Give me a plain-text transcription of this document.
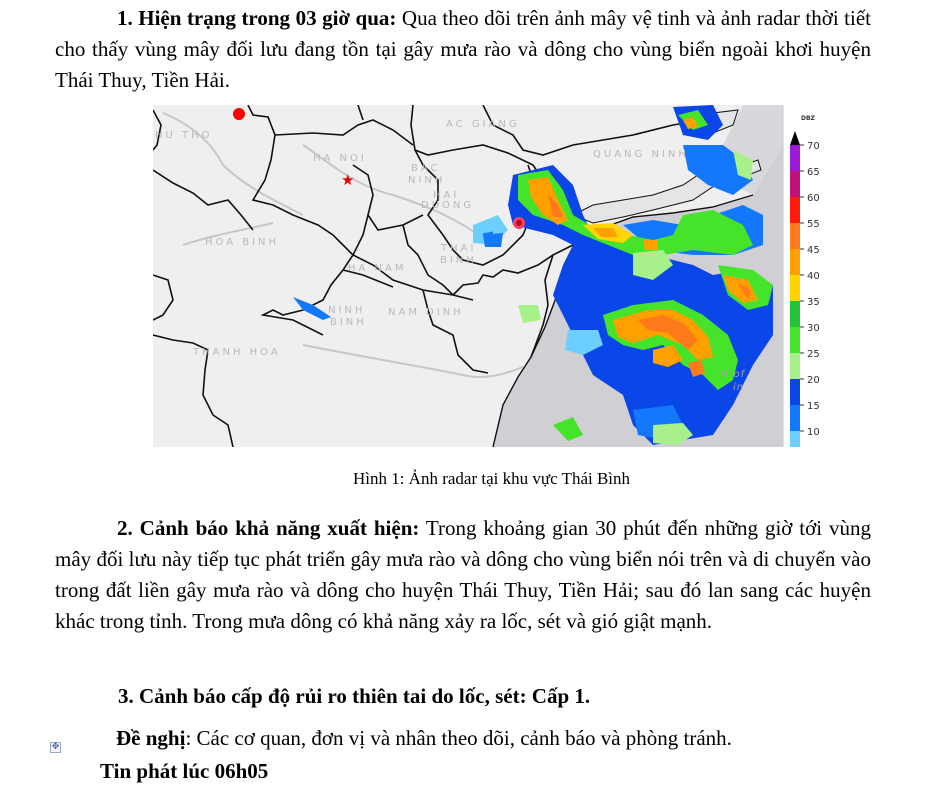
1. Hiện trạng trong 03 giờ qua: Qua theo dõi trên ảnh mây vệ tinh và ảnh radar thời tiết cho thấy vùng mây đối lưu đang tồn tại gây mưa rào và dông cho vùng biển ngoài khơi huyện Thái Thuy, Tiền Hải.
★
HU THO
AC GIANG
HA NOI
BAC
NINH
HAI
DUONG
QUANG NINH
HOA BINH
THAI
BINH
HA NAM
NINH
BINH
NAM DINH
THANH HOA
lf of
in
DBZ
70
65
60
55
45
40
35
30
25
20
15
10
Hình 1: Ảnh radar tại khu vực Thái Bình
2. Cảnh báo khả năng xuất hiện: Trong khoảng gian 30 phút đến những giờ tới vùng mây đối lưu này tiếp tục phát triển gây mưa rào và dông cho vùng biển nói trên và di chuyển vào trong đất liền gây mưa rào và dông cho huyện Thái Thuy, Tiền Hải; sau đó lan sang các huyện khác trong tỉnh. Trong mưa dông có khả năng xảy ra lốc, sét và gió giật mạnh.
3. Cảnh báo cấp độ rủi ro thiên tai do lốc, sét: Cấp 1.
✥	Đề nghị: Các cơ quan, đơn vị và nhân theo dõi, cảnh báo và phòng tránh.
Tin phát lúc 06h05
